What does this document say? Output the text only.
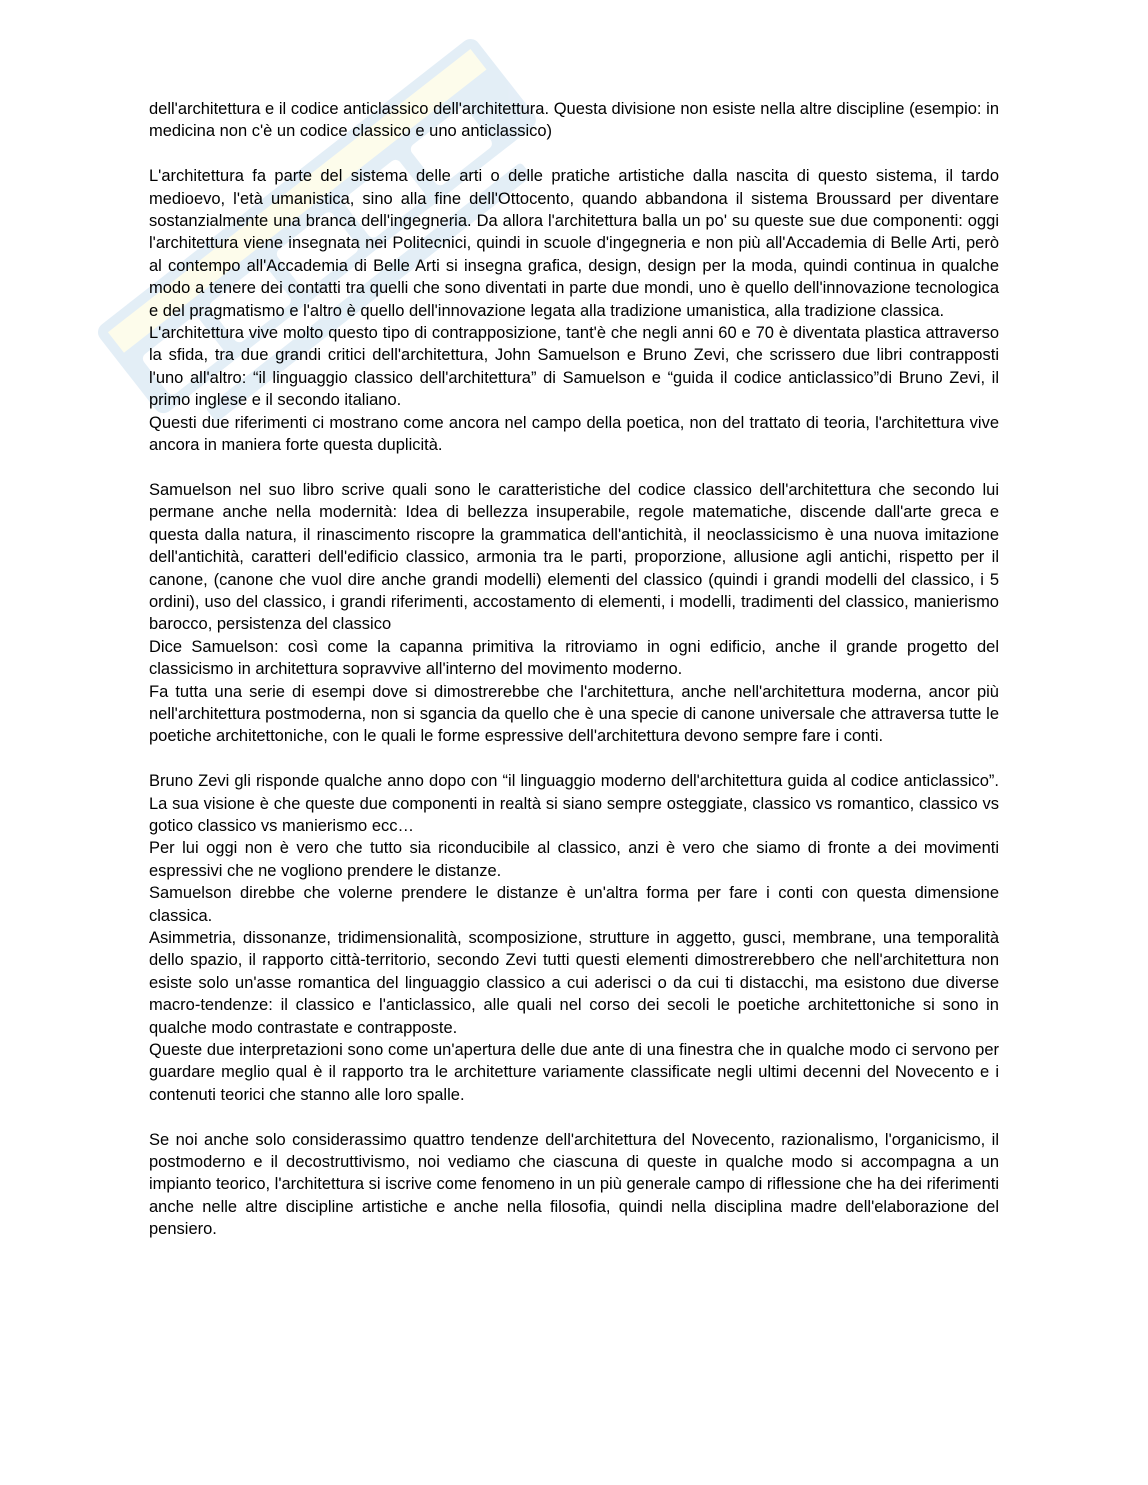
dell'architettura e il codice anticlassico dell'architettura. Questa divisione non esiste nella altre discipline (esempio: in medicina non c'è un codice classico e uno anticlassico)

L'architettura fa parte del sistema delle arti o delle pratiche artistiche dalla nascita di questo sistema, il tardo medioevo, l'età umanistica, sino alla fine dell'Ottocento, quando abbandona il sistema Broussard per diventare sostanzialmente una branca dell'ingegneria. Da allora l'architettura balla un po' su queste sue due componenti: oggi l'architettura viene insegnata nei Politecnici, quindi in scuole d'ingegneria e non più all'Accademia di Belle Arti, però al contempo all'Accademia di Belle Arti si insegna grafica, design, design per la moda, quindi continua in qualche modo a tenere dei contatti tra quelli che sono diventati in parte due mondi, uno è quello dell'innovazione tecnologica e del pragmatismo e l'altro è quello dell'innovazione legata alla tradizione umanistica, alla tradizione classica.

L'architettura vive molto questo tipo di contrapposizione, tant'è che negli anni 60 e 70 è diventata plastica attraverso la sfida, tra due grandi critici dell'architettura, John Samuelson e Bruno Zevi, che scrissero due libri contrapposti l'uno all'altro: “il linguaggio classico dell'architettura” di Samuelson e “guida il codice anticlassico”di Bruno Zevi, il primo inglese e il secondo italiano.

Questi due riferimenti ci mostrano come ancora nel campo della poetica, non del trattato di teoria, l'architettura vive ancora in maniera forte questa duplicità.

Samuelson nel suo libro scrive quali sono le caratteristiche del codice classico dell'architettura che secondo lui permane anche nella modernità: Idea di bellezza insuperabile, regole matematiche, discende dall'arte greca e questa dalla natura, il rinascimento riscopre la grammatica dell'antichità, il neoclassicismo è una nuova imitazione dell'antichità, caratteri dell'edificio classico, armonia tra le parti, proporzione, allusione agli antichi, rispetto per il canone, (canone che vuol dire anche grandi modelli) elementi del classico (quindi i grandi modelli del classico, i 5 ordini), uso del classico, i grandi riferimenti, accostamento di elementi, i modelli, tradimenti del classico, manierismo barocco, persistenza del classico

Dice Samuelson: così come la capanna primitiva la ritroviamo in ogni edificio, anche il grande progetto del classicismo in architettura sopravvive all'interno del movimento moderno.

Fa tutta una serie di esempi dove si dimostrerebbe che l'architettura, anche nell'architettura moderna, ancor più nell'architettura postmoderna, non si sgancia da quello che è una specie di canone universale che attraversa tutte le poetiche architettoniche, con le quali le forme espressive dell'architettura devono sempre fare i conti.

Bruno Zevi gli risponde qualche anno dopo con “il linguaggio moderno dell'architettura guida al codice anticlassico”. La sua visione è che queste due componenti in realtà si siano sempre osteggiate, classico vs romantico, classico vs gotico classico vs manierismo ecc…

Per lui oggi non è vero che tutto sia riconducibile al classico, anzi è vero che siamo di fronte a dei movimenti espressivi che ne vogliono prendere le distanze.

Samuelson direbbe che volerne prendere le distanze è un'altra forma per fare i conti con questa dimensione classica.

Asimmetria, dissonanze, tridimensionalità, scomposizione, strutture in aggetto, gusci, membrane, una temporalità dello spazio, il rapporto città-territorio, secondo Zevi tutti questi elementi dimostrerebbero che nell'architettura non esiste solo un'asse romantica del linguaggio classico a cui aderisci o da cui ti distacchi, ma esistono due diverse macro-tendenze: il classico e l'anticlassico, alle quali nel corso dei secoli le poetiche architettoniche si sono in qualche modo contrastate e contrapposte.

Queste due interpretazioni sono come un'apertura delle due ante di una finestra che in qualche modo ci servono per guardare meglio qual è il rapporto tra le architetture variamente classificate negli ultimi decenni del Novecento e i contenuti teorici che stanno alle loro spalle.

Se noi anche solo considerassimo quattro tendenze dell'architettura del Novecento, razionalismo, l'organicismo, il postmoderno e il decostruttivismo, noi vediamo che ciascuna di queste in qualche modo si accompagna a un impianto teorico, l'architettura si iscrive come fenomeno in un più generale campo di riflessione che ha dei riferimenti anche nelle altre discipline artistiche e anche nella filosofia, quindi nella disciplina madre dell'elaborazione del pensiero.
